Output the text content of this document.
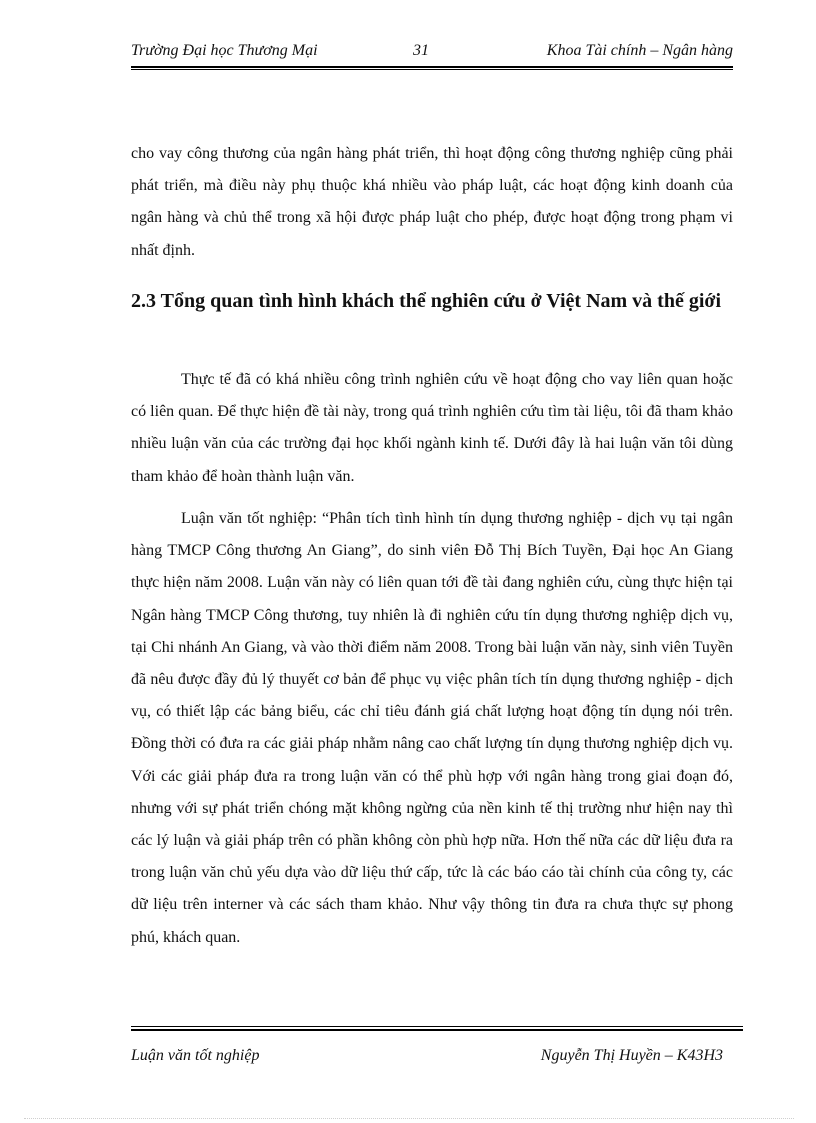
Trường Đại học Thương Mại	31	Khoa Tài chính – Ngân hàng

cho vay công thương của ngân hàng phát triển, thì hoạt động công thương nghiệp cũng phải phát triển, mà điều này phụ thuộc khá nhiều vào pháp luật, các hoạt động kinh doanh của ngân hàng và chủ thể trong xã hội được pháp luật cho phép, được hoạt động trong phạm vi nhất định.

2.3 Tổng quan tình hình khách thể nghiên cứu ở Việt Nam và thế giới

Thực tế đã có khá nhiều công trình nghiên cứu về hoạt động cho vay liên quan hoặc có liên quan. Để thực hiện đề tài này, trong quá trình nghiên cứu tìm tài liệu, tôi đã tham khảo nhiều luận văn của các trường đại học khối ngành kinh tế. Dưới đây là hai luận văn tôi dùng tham khảo để hoàn thành luận văn.

Luận văn tốt nghiệp: “Phân tích tình hình tín dụng thương nghiệp - dịch vụ tại ngân hàng TMCP Công thương An Giang”, do sinh viên Đỗ Thị Bích Tuyền, Đại học An Giang thực hiện năm 2008. Luận văn này có liên quan tới đề tài đang nghiên cứu, cùng thực hiện tại Ngân hàng TMCP Công thương, tuy nhiên là đi nghiên cứu tín dụng thương nghiệp dịch vụ, tại Chi nhánh An Giang, và vào thời điểm năm 2008. Trong bài luận văn này, sinh viên Tuyền đã nêu được đầy đủ lý thuyết cơ bản để phục vụ việc phân tích tín dụng thương nghiệp - dịch vụ, có thiết lập các bảng biểu, các chỉ tiêu đánh giá chất lượng hoạt động tín dụng nói trên. Đồng thời có đưa ra các giải pháp nhằm nâng cao chất lượng tín dụng thương nghiệp dịch vụ. Với các giải pháp đưa ra trong luận văn có thể phù hợp với ngân hàng trong giai đoạn đó, nhưng với sự phát triển chóng mặt không ngừng của nền kinh tế thị trường như hiện nay thì các lý luận và giải pháp trên có phần không còn phù hợp nữa. Hơn thế nữa các dữ liệu đưa ra trong luận văn chủ yếu dựa vào dữ liệu thứ cấp, tức là các báo cáo tài chính của công ty, các dữ liệu trên interner và các sách tham khảo. Như vậy thông tin đưa ra chưa thực sự phong phú, khách quan.

Luận văn tốt nghiệp	Nguyễn Thị Huyền – K43H3
